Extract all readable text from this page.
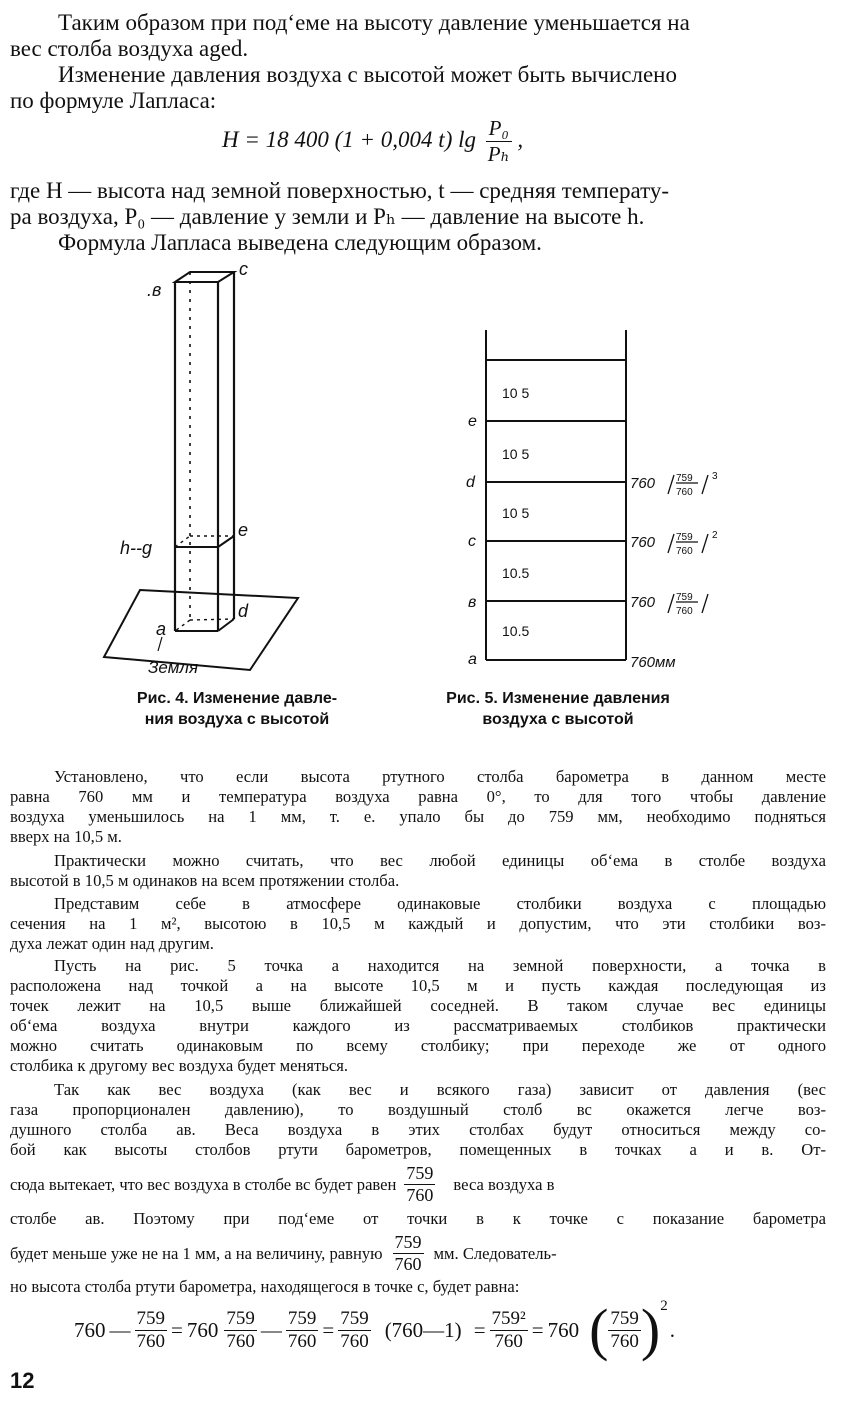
Таким образом при подʻеме на высоту давление уменьшается на
вес столба воздуха aged.
Изменение давления воздуха с высотой может быть вычислено
по формуле Лапласа:
H = 18 400 (1 + 0,004 t) $\lg \frac{\text{P₀}}{\text{Pₕ}}$ ,
где H — высота над земной поверхностью, t — средняя температу-
ра воздуха, P₀ — давление у земли и Pₕ — давление на высоте h.
Формула Лапласа выведена следующим образом.
.в
c
h--g
e
a
d
Земля
Рис. 4. Изменение давле-
ния воздуха с высотой
10.5
10.5
10 5
10 5
10 5
a
в
c
d
e
760мм
760 759
760
760 759
760
2
760 759
760
3
Рис. 5. Изменение давления
воздуха с высотой
Установлено, что если высота ртутного столба барометра в данном месте
равна 760 мм и температура воздуха равна 0°, то для того чтобы давление
воздуха уменьшилось на 1 мм, т. е. упало бы до 759 мм, необходимо подняться
вверх на 10,5 м.
Практически можно считать, что вес любой единицы обʻема в столбе воздуха
высотой в 10,5 м одинаков на всем протяжении столба.
Представим себе в атмосфере одинаковые столбики воздуха с площадью
сечения на 1 м², высотою в 10,5 м каждый и допустим, что эти столбики воз-
духа лежат один над другим.
Пусть на рис. 5 точка a находится на земной поверхности, а точка в
расположена над точкой a на высоте 10,5 м и пусть каждая последующая из
точек лежит на 10,5 выше ближайшей соседней. В таком случае вес единицы
обʻема воздуха внутри каждого из рассматриваемых столбиков практически
можно считать одинаковым по всему столбику; при переходе же от одного
столбика к другому вес воздуха будет меняться.
Так как вес воздуха (как вес и всякого газа) зависит от давления (вес
газа пропорционален давлению), то воздушный столб вс окажется легче воз-
душного столба ав. Веса воздуха в этих столбах будут относиться между со-
бой как высоты столбов ртути барометров, помещенных в точках а и в. От-
сюда вытекает, что вес воздуха в столбе вс будет равен $\frac{759}{760}$ веса воздуха в
столбе ав. Поэтому при подʻеме от точки в к точке c показание барометра
будет меньше уже не на 1 мм, а на величину, равную $\frac{759}{760}$ мм. Следователь-
но высота столба ртути барометра, находящегося в точке c, будет равна:
760 — $\frac{759}{760} = 760 \frac{759}{760}$ — $\frac{759}{760} = \frac{759}{760}$ (760—1) = $\frac{\text{759²}}{760} = 760$ ( $\frac{759}{760}$ ) 2
.
12
